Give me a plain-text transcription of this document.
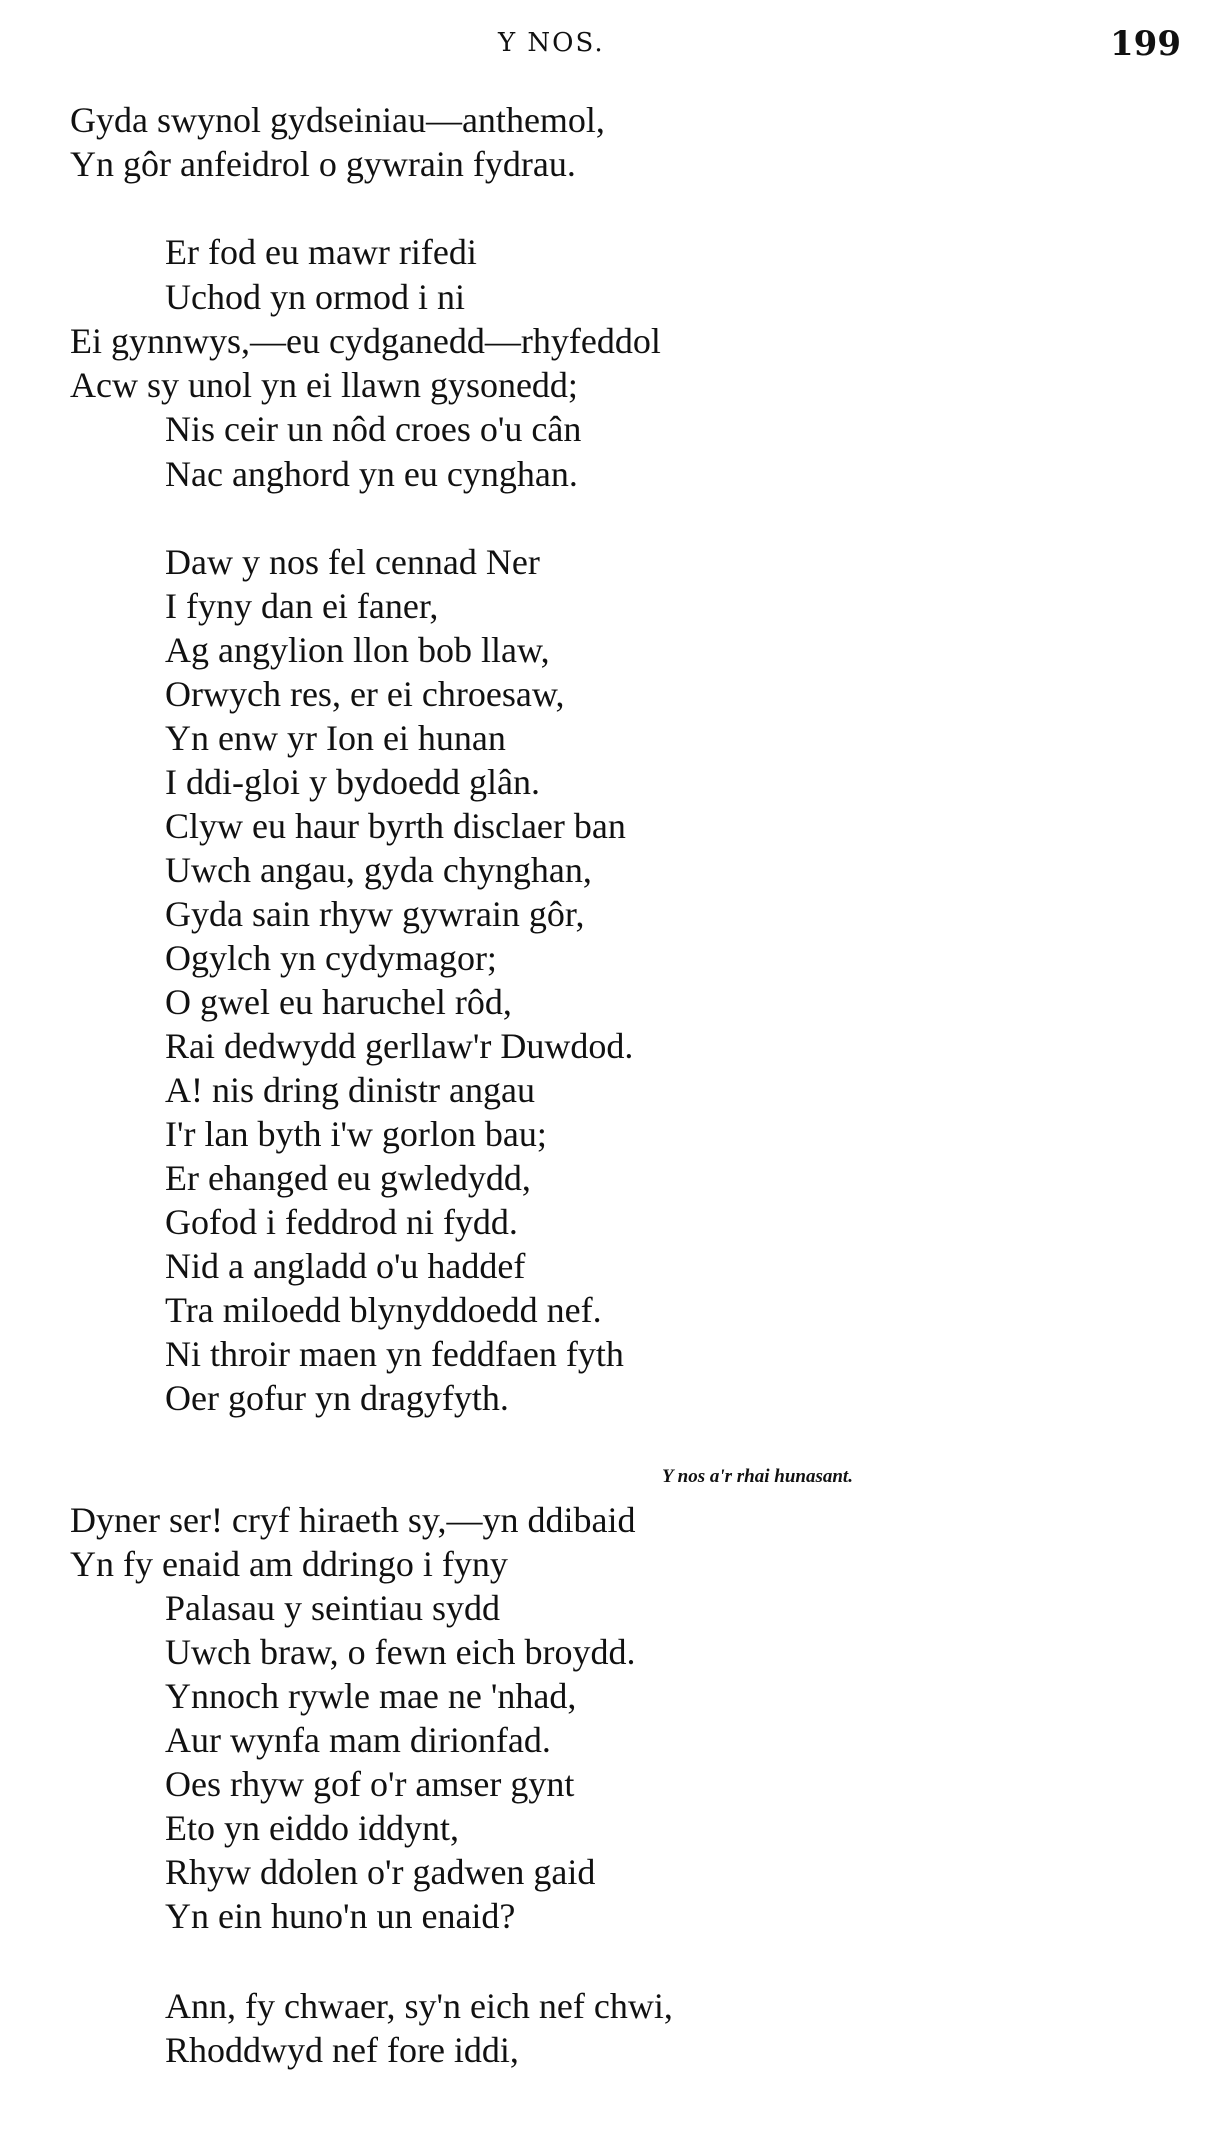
Y NOS.	199
Gyda swynol gydseiniau—anthemol,
Yn gôr anfeidrol o gywrain fydrau.
Er fod eu mawr rifedi
Uchod yn ormod i ni
Ei gynnwys,—eu cydganedd—rhyfeddol
Acw sy unol yn ei llawn gysonedd;
Nis ceir un nôd croes o'u cân
Nac anghord yn eu cynghan.
Daw y nos fel cennad Ner
I fyny dan ei faner,
Ag angylion llon bob llaw,
Orwych res, er ei chroesaw,
Yn enw yr Ion ei hunan
I ddi-gloi y bydoedd glân.
Clyw eu haur byrth disclaer ban
Uwch angau, gyda chynghan,
Gyda sain rhyw gywrain gôr,
Ogylch yn cydymagor;
O gwel eu haruchel rôd,
Rai dedwydd gerllaw'r Duwdod.
A! nis dring dinistr angau
I'r lan byth i'w gorlon bau;
Er ehanged eu gwledydd,
Gofod i feddrod ni fydd.
Nid a angladd o'u haddef
Tra miloedd blynyddoedd nef.
Ni throir maen yn feddfaen fyth
Oer gofur yn dragyfyth.
Y nos a'r rhai hunasant.
Dyner ser! cryf hiraeth sy,—yn ddibaid
Yn fy enaid am ddringo i fyny
Palasau y seintiau sydd
Uwch braw, o fewn eich broydd.
Ynnoch rywle mae ne 'nhad,
Aur wynfa mam dirionfad.
Oes rhyw gof o'r amser gynt
Eto yn eiddo iddynt,
Rhyw ddolen o'r gadwen gaid
Yn ein huno'n un enaid?
Ann, fy chwaer, sy'n eich nef chwi,
Rhoddwyd nef fore iddi,
